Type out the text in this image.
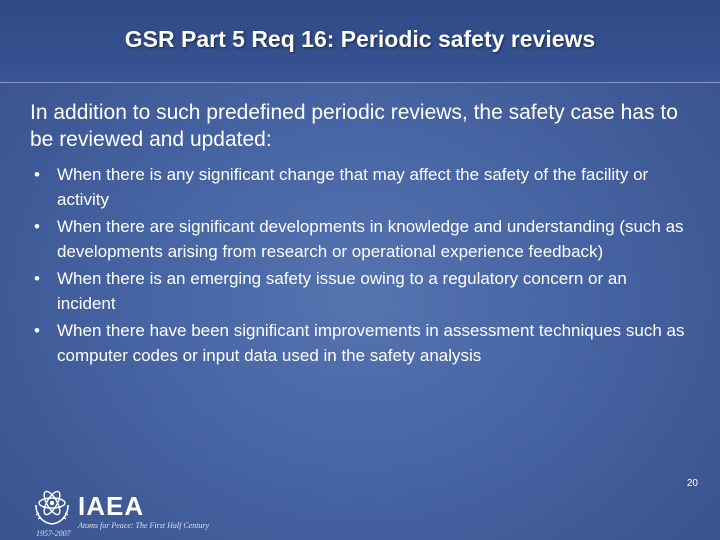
GSR Part 5 Req 16: Periodic safety reviews
In addition to such predefined periodic reviews, the safety case has to be reviewed and updated:
• When there is any significant change that may affect the safety of the facility or activity
• When there are significant developments in knowledge and understanding (such as developments arising from research or operational experience feedback)
• When there is an emerging safety issue owing to a regulatory concern or an incident
• When there have been significant improvements in assessment techniques such as computer codes or input data used in the safety analysis
IAEA
Atoms for Peace: The First Half Century
1957-2007
20
